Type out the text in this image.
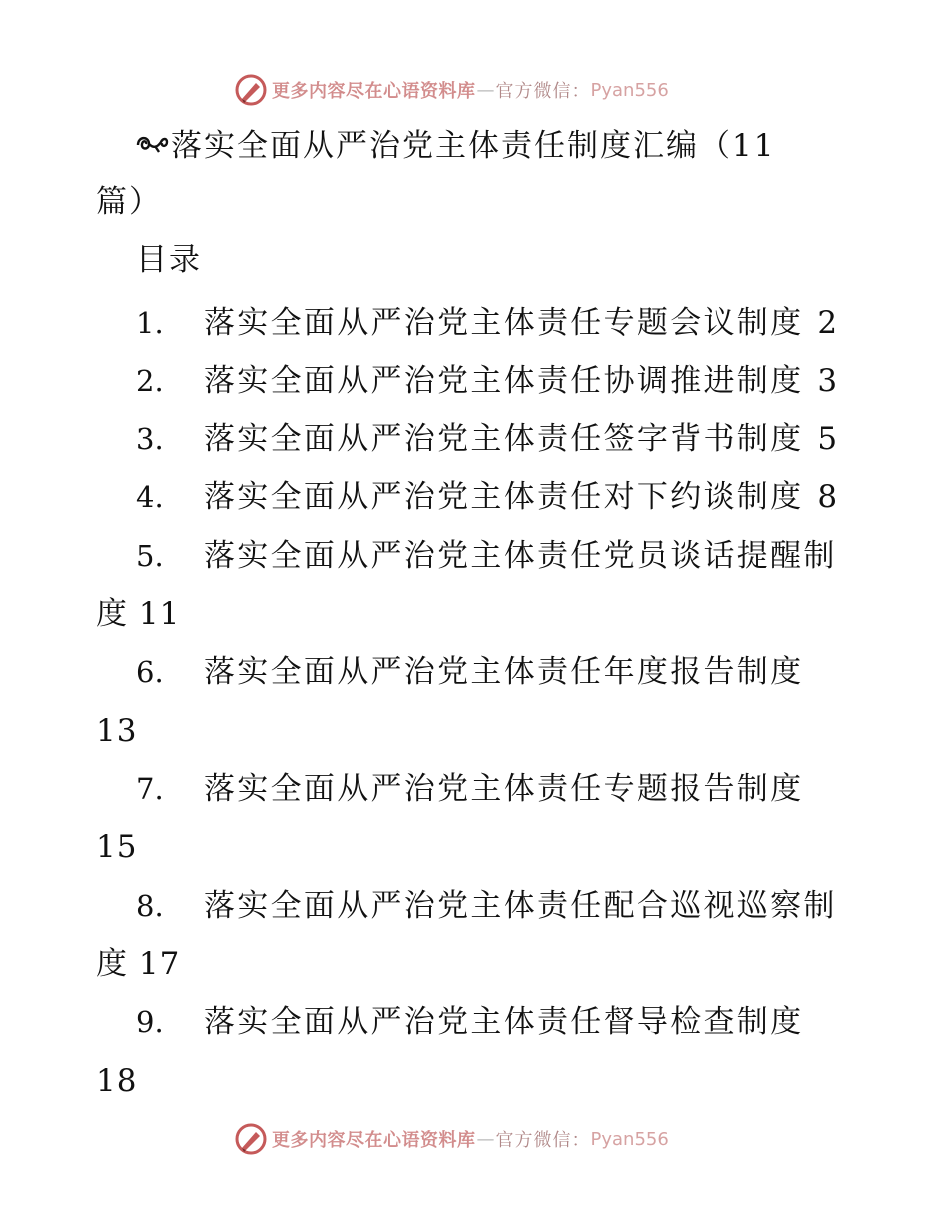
更多内容尽在心语资料库 — 官方微信： Pyan556
落实全面从严治党主体责任制度汇编（11
篇）
目录
1. 落实全面从严治党主体责任专题会议制度 2
2. 落实全面从严治党主体责任协调推进制度 3
3. 落实全面从严治党主体责任签字背书制度 5
4. 落实全面从严治党主体责任对下约谈制度 8
5. 落实全面从严治党主体责任党员谈话提醒制
度 11
6. 落实全面从严治党主体责任年度报告制度
13
7. 落实全面从严治党主体责任专题报告制度
15
8. 落实全面从严治党主体责任配合巡视巡察制
度 17
9. 落实全面从严治党主体责任督导检查制度
18
更多内容尽在心语资料库 — 官方微信： Pyan556
